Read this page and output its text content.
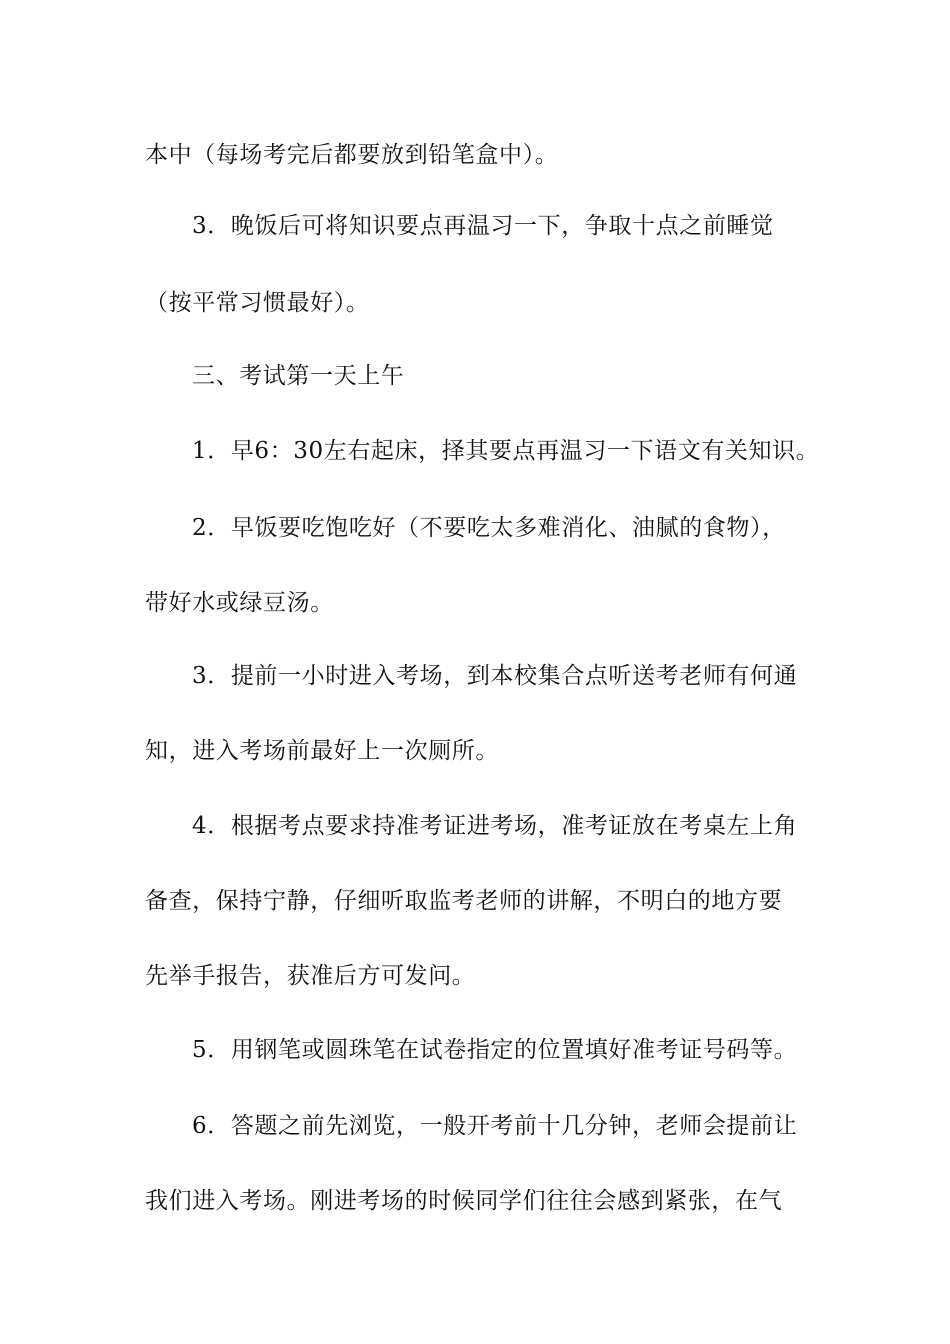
本中（每场考完后都要放到铅笔盒中）。
3．晚饭后可将知识要点再温习一下，争取十点之前睡觉
（按平常习惯最好）。
三、考试第一天上午
1．早6：30左右起床，择其要点再温习一下语文有关知识。
2．早饭要吃饱吃好（不要吃太多难消化、油腻的食物），
带好水或绿豆汤。
3．提前一小时进入考场，到本校集合点听送考老师有何通
知，进入考场前最好上一次厕所。
4．根据考点要求持准考证进考场，准考证放在考桌左上角
备查，保持宁静，仔细听取监考老师的讲解，不明白的地方要
先举手报告，获准后方可发问。
5．用钢笔或圆珠笔在试卷指定的位置填好准考证号码等。
6．答题之前先浏览，一般开考前十几分钟，老师会提前让
我们进入考场。刚进考场的时候同学们往往会感到紧张，在气
